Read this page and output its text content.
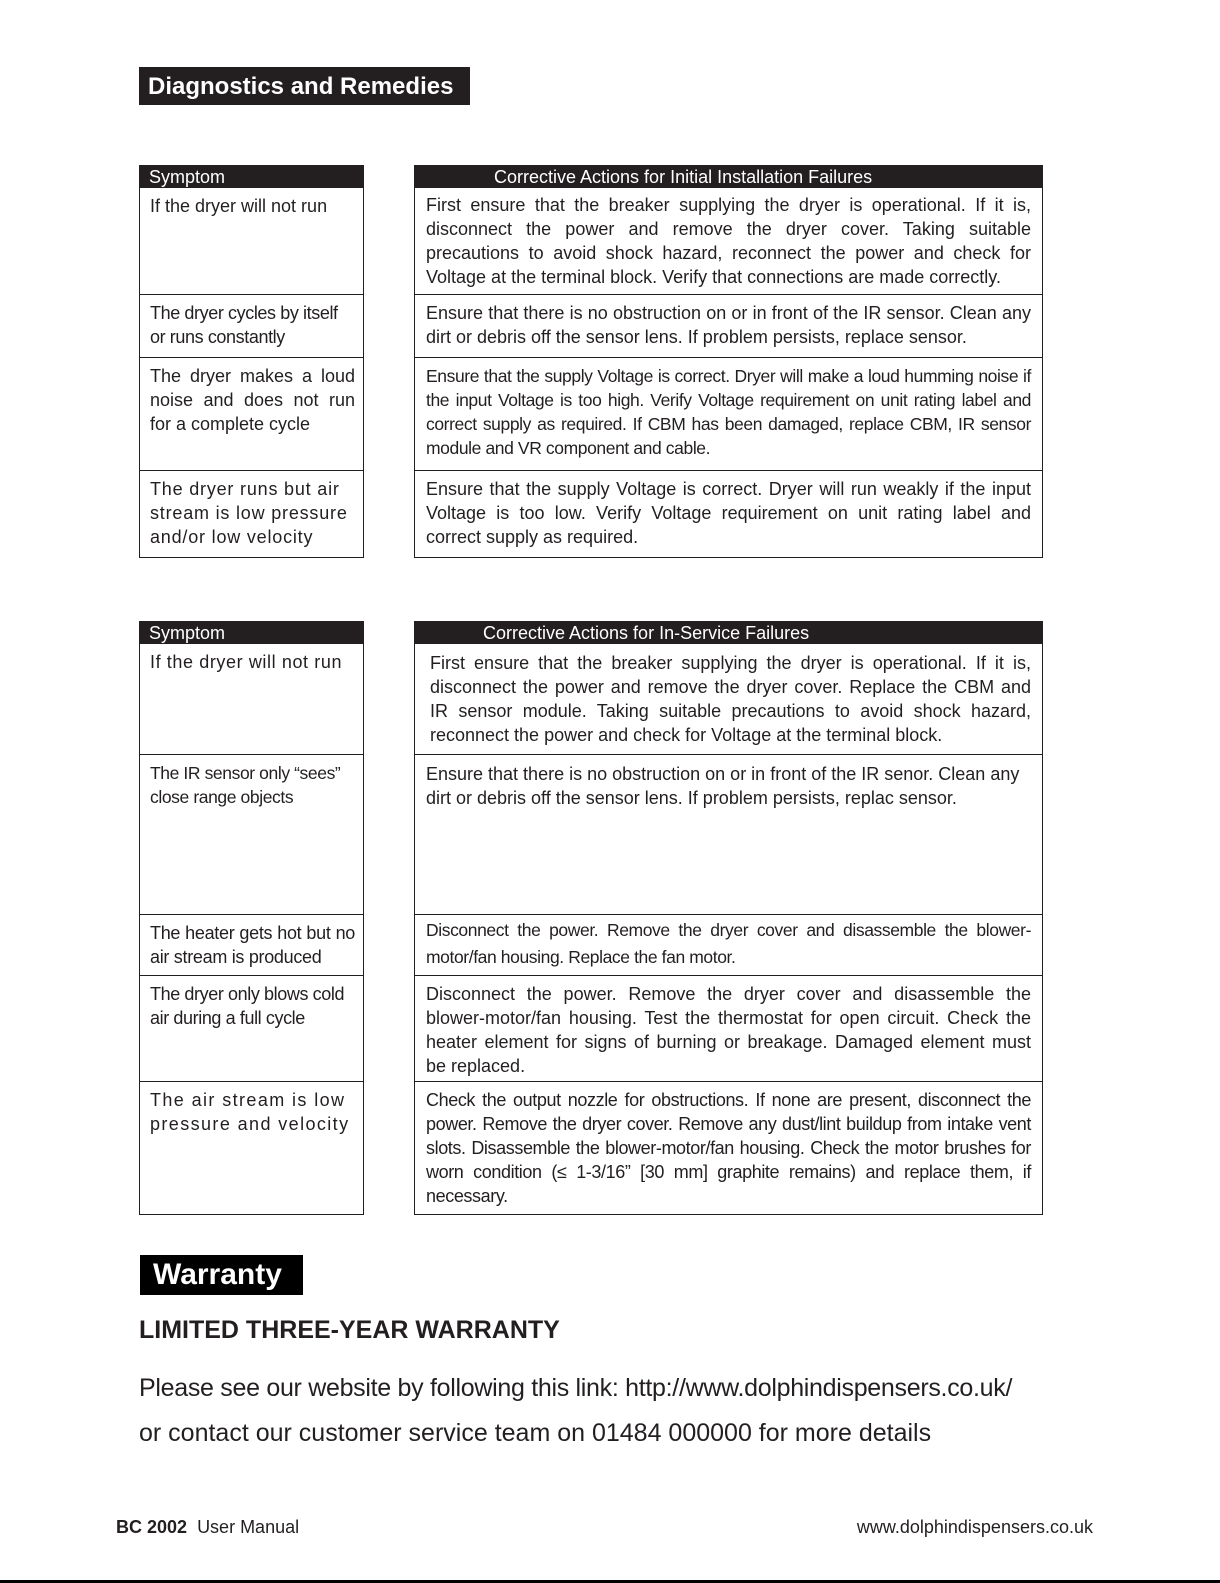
Diagnostics and Remedies
Symptom
If the dryer will not run
The dryer cycles by itself or runs constantly
The dryer makes a loud noise and does not run for a complete cycle
The dryer runs but air stream is low pressure and/or low velocity
Corrective Actions for Initial Installation Failures
First ensure that the breaker supplying the dryer is operational. If it is, disconnect the power and remove the dryer cover. Taking suitable precautions to avoid shock hazard, reconnect the power and check for Voltage at the terminal block. Verify that connections are made correctly.
Ensure that there is no obstruction on or in front of the IR sensor. Clean any dirt or debris off the sensor lens. If problem persists, replace sensor.
Ensure that the supply Voltage is correct. Dryer will make a loud humming noise if the input Voltage is too high. Verify Voltage requirement on unit rating label and correct supply as required. If CBM has been damaged, replace CBM, IR sensor module and VR component and cable.
Ensure that the supply Voltage is correct. Dryer will run weakly if the input Voltage is too low. Verify Voltage requirement on unit rating label and correct supply as required.
Symptom
If the dryer will not run
The IR sensor only “sees” close range objects
The heater gets hot but no air stream is produced
The dryer only blows cold air during a full cycle
The air stream is low pressure and velocity
Corrective Actions for In-Service Failures
First ensure that the breaker supplying the dryer is operational. If it is, disconnect the power and remove the dryer cover. Replace the CBM and IR sensor module. Taking suitable precautions to avoid shock hazard, reconnect the power and check for Voltage at the terminal block.
Ensure that there is no obstruction on or in front of the IR senor. Clean any dirt or debris off the sensor lens. If problem persists, replac sensor.
Disconnect the power. Remove the dryer cover and disassemble the blower-motor/fan housing. Replace the fan motor.
Disconnect the power. Remove the dryer cover and disassemble the blower-motor/fan housing. Test the thermostat for open circuit. Check the heater element for signs of burning or breakage. Damaged element must be replaced.
Check the output nozzle for obstructions. If none are present, disconnect the power. Remove the dryer cover. Remove any dust/lint buildup from intake vent slots. Disassemble the blower-motor/fan housing. Check the motor brushes for worn condition (≤ 1-3/16” [30 mm] graphite remains) and replace them, if necessary.
Warranty
LIMITED THREE-YEAR WARRANTY
Please see our website by following this link: http://www.dolphindispensers.co.uk/
or contact our customer service team on 01484 000000 for more details
BC 2002 User Manual	www.dolphindispensers.co.uk
